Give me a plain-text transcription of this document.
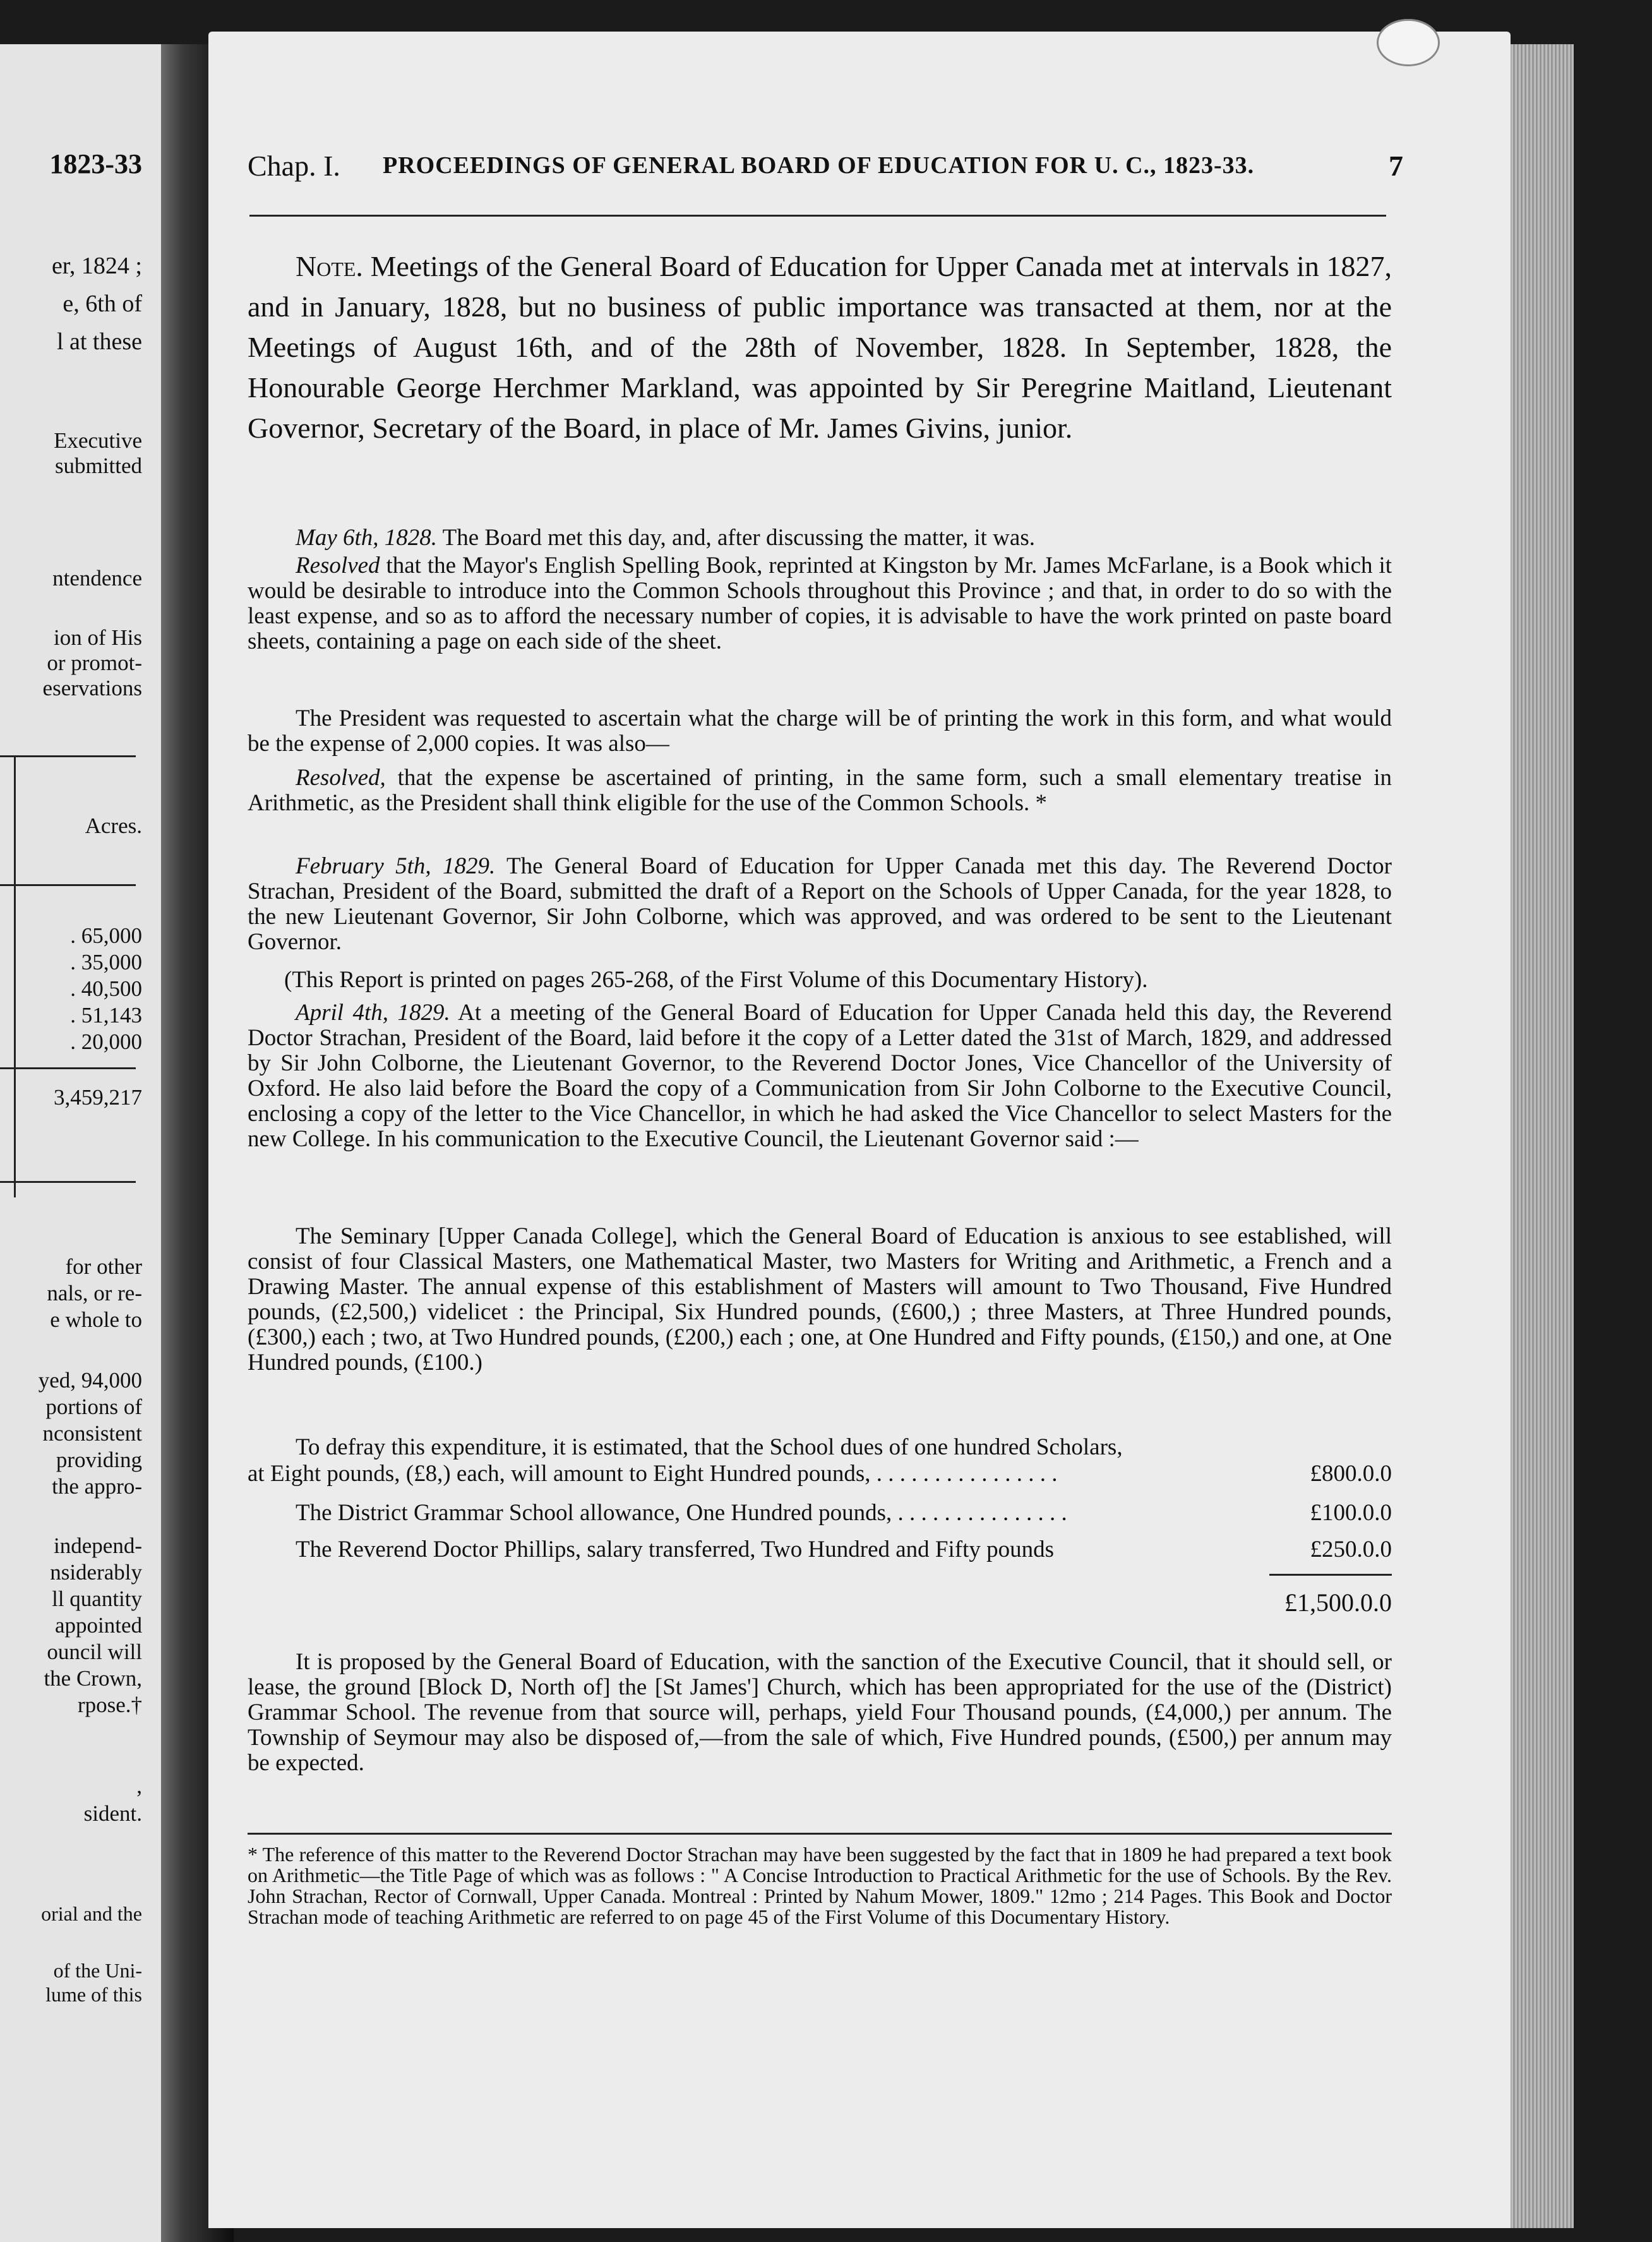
1823-33
er, 1824 ;
e, 6th of
l at these
Executive
submitted
ntendence
ion of His
or promot-
eservations
Acres.
. 65,000
. 35,000
. 40,500
. 51,143
. 20,000
3,459,217
for other
nals, or re-
e whole to
yed, 94,000
portions of
nconsistent
providing
the appro-
independ-
nsiderably
ll quantity
appointed
ouncil will
the Crown,
rpose.†
,
sident.
orial and the
of the Uni-
lume of this
Chap. I. PROCEEDINGS OF GENERAL BOARD OF EDUCATION FOR U. C., 1823-33.	7
Note. Meetings of the General Board of Education for Upper Canada met at intervals in 1827, and in January, 1828, but no business of public importance was transacted at them, nor at the Meetings of August 16th, and of the 28th of November, 1828. In September, 1828, the Honourable George Herchmer Markland, was appointed by Sir Peregrine Maitland, Lieutenant Governor, Secretary of the Board, in place of Mr. James Givins, junior.
May 6th, 1828. The Board met this day, and, after discussing the matter, it was.
Resolved that the Mayor's English Spelling Book, reprinted at Kingston by Mr. James McFarlane, is a Book which it would be desirable to introduce into the Common Schools throughout this Province ; and that, in order to do so with the least expense, and so as to afford the necessary number of copies, it is advisable to have the work printed on paste board sheets, containing a page on each side of the sheet.
The President was requested to ascertain what the charge will be of printing the work in this form, and what would be the expense of 2,000 copies. It was also—
Resolved, that the expense be ascertained of printing, in the same form, such a small elementary treatise in Arithmetic, as the President shall think eligible for the use of the Common Schools. *
February 5th, 1829. The General Board of Education for Upper Canada met this day. The Reverend Doctor Strachan, President of the Board, submitted the draft of a Report on the Schools of Upper Canada, for the year 1828, to the new Lieutenant Governor, Sir John Colborne, which was approved, and was ordered to be sent to the Lieutenant Governor.
(This Report is printed on pages 265-268, of the First Volume of this Documentary History).
April 4th, 1829. At a meeting of the General Board of Education for Upper Canada held this day, the Reverend Doctor Strachan, President of the Board, laid before it the copy of a Letter dated the 31st of March, 1829, and addressed by Sir John Colborne, the Lieutenant Governor, to the Reverend Doctor Jones, Vice Chancellor of the University of Oxford. He also laid before the Board the copy of a Communication from Sir John Colborne to the Executive Council, enclosing a copy of the letter to the Vice Chancellor, in which he had asked the Vice Chancellor to select Masters for the new College. In his communication to the Executive Council, the Lieutenant Governor said :—
The Seminary [Upper Canada College], which the General Board of Education is anxious to see established, will consist of four Classical Masters, one Mathematical Master, two Masters for Writing and Arithmetic, a French and a Drawing Master. The annual expense of this establishment of Masters will amount to Two Thousand, Five Hundred pounds, (£2,500,) videlicet : the Principal, Six Hundred pounds, (£600,) ; three Masters, at Three Hundred pounds, (£300,) each ; two, at Two Hundred pounds, (£200,) each ; one, at One Hundred and Fifty pounds, (£150,) and one, at One Hundred pounds, (£100.)
To defray this expenditure, it is estimated, that the School dues of one hundred Scholars,
at Eight pounds, (£8,) each, will amount to Eight Hundred pounds, . . . . . . . . . . . . . . . .	£800.0.0
The District Grammar School allowance, One Hundred pounds, . . . . . . . . . . . . . . .	£100.0.0
The Reverend Doctor Phillips, salary transferred, Two Hundred and Fifty pounds	£250.0.0
£1,500.0.0
It is proposed by the General Board of Education, with the sanction of the Executive Council, that it should sell, or lease, the ground [Block D, North of] the [St James'] Church, which has been appropriated for the use of the (District) Grammar School. The revenue from that source will, perhaps, yield Four Thousand pounds, (£4,000,) per annum. The Township of Seymour may also be disposed of,—from the sale of which, Five Hundred pounds, (£500,) per annum may be expected.
* The reference of this matter to the Reverend Doctor Strachan may have been suggested by the fact that in 1809 he had prepared a text book on Arithmetic—the Title Page of which was as follows : " A Concise Introduction to Practical Arithmetic for the use of Schools. By the Rev. John Strachan, Rector of Cornwall, Upper Canada. Montreal : Printed by Nahum Mower, 1809." 12mo ; 214 Pages. This Book and Doctor Strachan mode of teaching Arithmetic are referred to on page 45 of the First Volume of this Documentary History.
